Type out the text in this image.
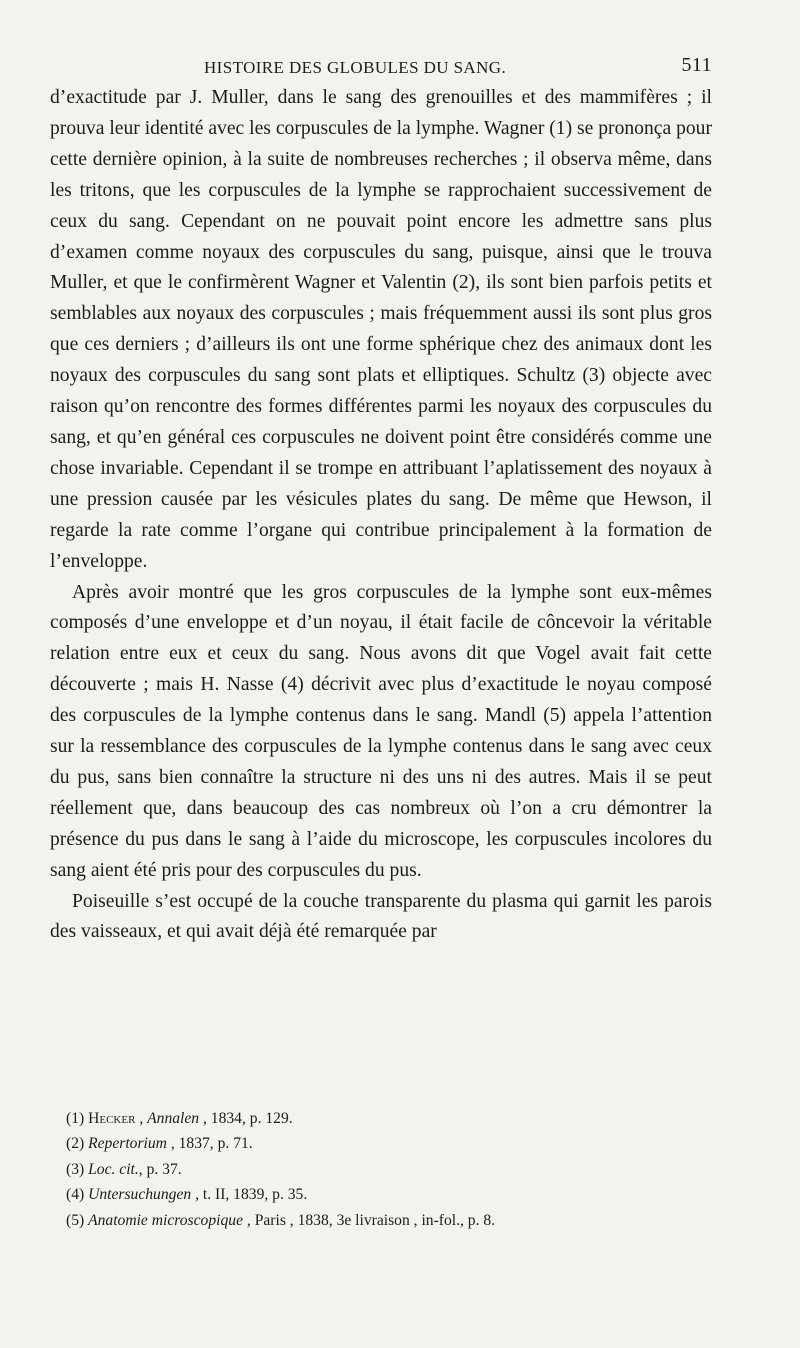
HISTOIRE DES GLOBULES DU SANG.	511

d’exactitude par J. Muller, dans le sang des grenouilles et des mammifères ; il prouva leur identité avec les corpuscules de la lymphe. Wagner (1) se prononça pour cette dernière opinion, à la suite de nombreuses recherches ; il observa même, dans les tritons, que les corpuscules de la lymphe se rapprochaient successivement de ceux du sang. Cependant on ne pouvait point encore les admettre sans plus d’examen comme noyaux des corpuscules du sang, puisque, ainsi que le trouva Muller, et que le confirmèrent Wagner et Valentin (2), ils sont bien parfois petits et semblables aux noyaux des corpuscules ; mais fréquemment aussi ils sont plus gros que ces derniers ; d’ailleurs ils ont une forme sphérique chez des animaux dont les noyaux des corpuscules du sang sont plats et elliptiques. Schultz (3) objecte avec raison qu’on rencontre des formes différentes parmi les noyaux des corpuscules du sang, et qu’en général ces corpuscules ne doivent point être considérés comme une chose invariable. Cependant il se trompe en attribuant l’aplatissement des noyaux à une pression causée par les vésicules plates du sang. De même que Hewson, il regarde la rate comme l’organe qui contribue principalement à la formation de l’enveloppe.

Après avoir montré que les gros corpuscules de la lymphe sont eux-mêmes composés d’une enveloppe et d’un noyau, il était facile de côncevoir la véritable relation entre eux et ceux du sang. Nous avons dit que Vogel avait fait cette découverte ; mais H. Nasse (4) décrivit avec plus d’exactitude le noyau composé des corpuscules de la lymphe contenus dans le sang. Mandl (5) appela l’attention sur la ressemblance des corpuscules de la lymphe contenus dans le sang avec ceux du pus, sans bien connaître la structure ni des uns ni des autres. Mais il se peut réellement que, dans beaucoup des cas nombreux où l’on a cru démontrer la présence du pus dans le sang à l’aide du microscope, les corpuscules incolores du sang aient été pris pour des corpuscules du pus.

Poiseuille s’est occupé de la couche transparente du plasma qui garnit les parois des vaisseaux, et qui avait déjà été remarquée par

(1) Hecker , Annalen , 1834, p. 129.
(2) Repertorium , 1837, p. 71.
(3) Loc. cit., p. 37.
(4) Untersuchungen , t. II, 1839, p. 35.
(5) Anatomie microscopique , Paris , 1838, 3e livraison , in-fol., p. 8.
